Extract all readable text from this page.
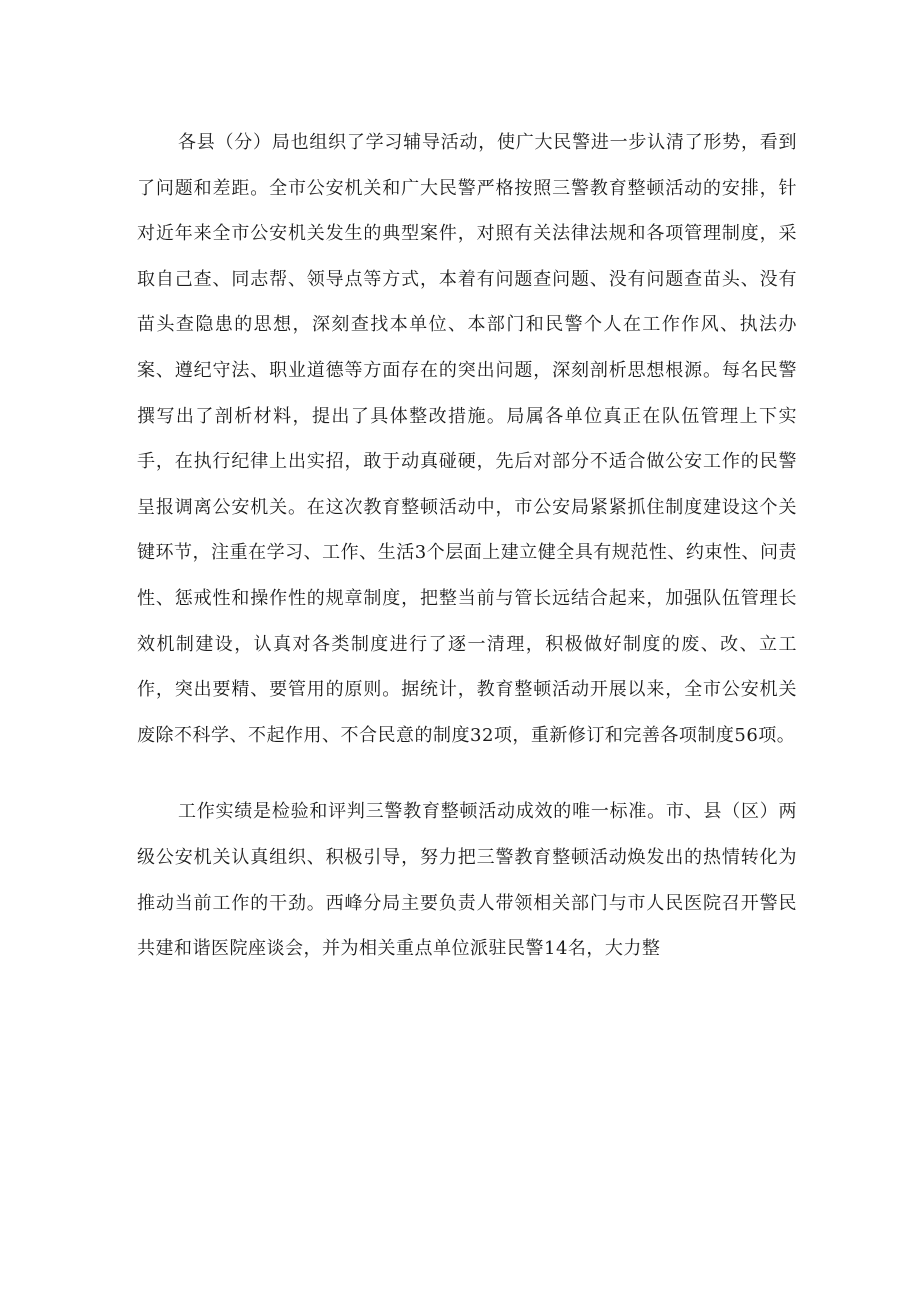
各县（分）局也组织了学习辅导活动，使广大民警进一步认清了形势，看到了问题和差距。全市公安机关和广大民警严格按照三警教育整顿活动的安排，针对近年来全市公安机关发生的典型案件，对照有关法律法规和各项管理制度，采取自己查、同志帮、领导点等方式，本着有问题查问题、没有问题查苗头、没有苗头查隐患的思想，深刻查找本单位、本部门和民警个人在工作作风、执法办案、遵纪守法、职业道德等方面存在的突出问题，深刻剖析思想根源。每名民警撰写出了剖析材料，提出了具体整改措施。局属各单位真正在队伍管理上下实手，在执行纪律上出实招，敢于动真碰硬，先后对部分不适合做公安工作的民警呈报调离公安机关。在这次教育整顿活动中，市公安局紧紧抓住制度建设这个关键环节，注重在学习、工作、生活3个层面上建立健全具有规范性、约束性、问责性、惩戒性和操作性的规章制度，把整当前与管长远结合起来，加强队伍管理长效机制建设，认真对各类制度进行了逐一清理，积极做好制度的废、改、立工作，突出要精、要管用的原则。据统计，教育整顿活动开展以来，全市公安机关废除不科学、不起作用、不合民意的制度32项，重新修订和完善各项制度56项。

工作实绩是检验和评判三警教育整顿活动成效的唯一标准。市、县（区）两级公安机关认真组织、积极引导，努力把三警教育整顿活动焕发出的热情转化为推动当前工作的干劲。西峰分局主要负责人带领相关部门与市人民医院召开警民共建和谐医院座谈会，并为相关重点单位派驻民警14名，大力整
